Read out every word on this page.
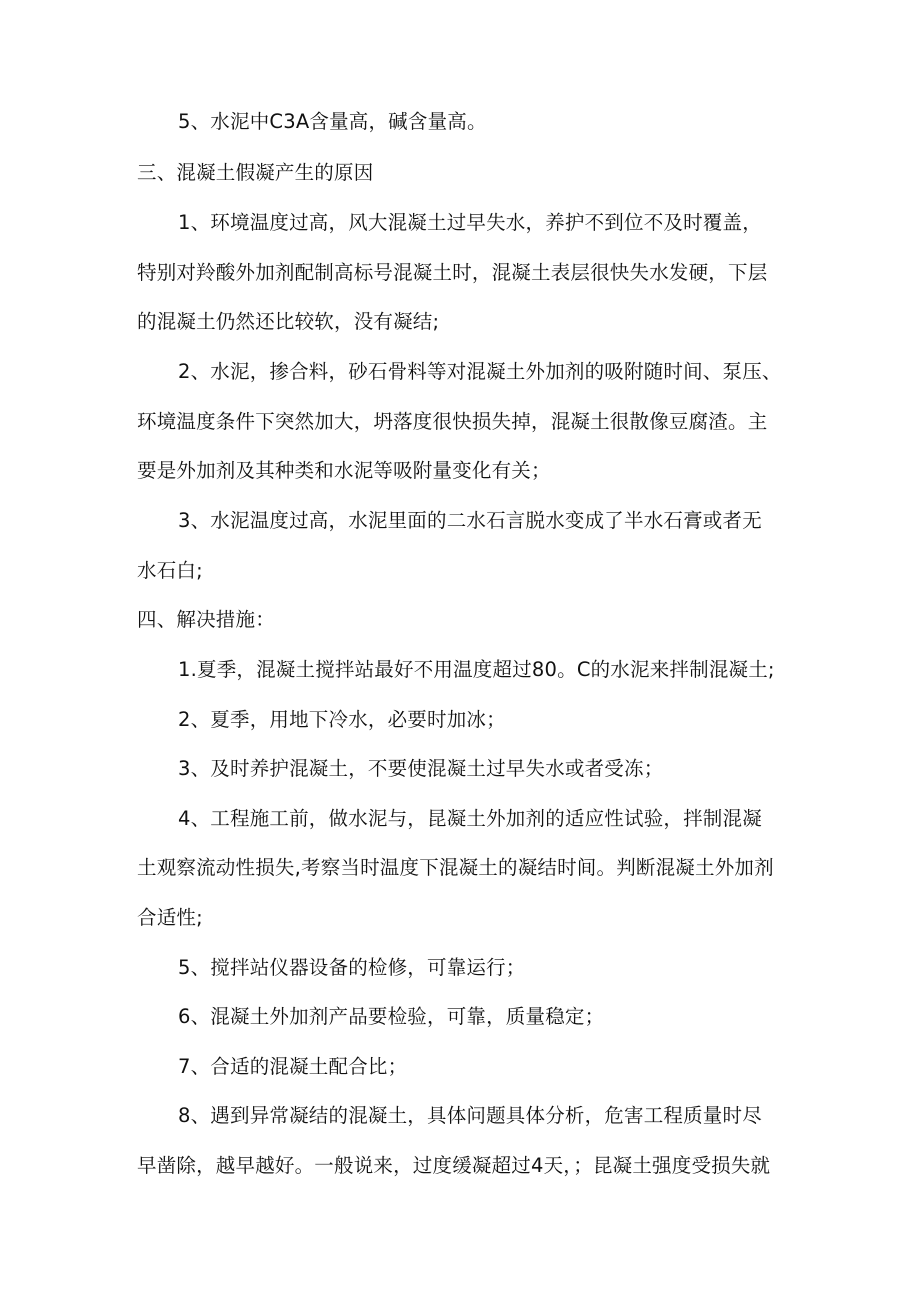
5、水泥中C3A含量高，碱含量高。
三、混凝土假凝产生的原因
1、环境温度过高，风大混凝土过早失水，养护不到位不及时覆盖，
特别对羚酸外加剂配制高标号混凝土时，混凝土表层很快失水发硬，下层
的混凝土仍然还比较软，没有凝结;
2、水泥，掺合料，砂石骨料等对混凝土外加剂的吸附随时间、泵压、
环境温度条件下突然加大，坍落度很快损失掉，混凝土很散像豆腐渣。主
要是外加剂及其种类和水泥等吸附量变化有关；
3、水泥温度过高，水泥里面的二水石言脱水变成了半水石膏或者无
水石白;
四、解决措施：
1.夏季，混凝土搅拌站最好不用温度超过80。C的水泥来拌制混凝土;
2、夏季，用地下冷水，必要时加冰；
3、及时养护混凝土，不要使混凝土过早失水或者受冻；
4、工程施工前，做水泥与，昆凝土外加剂的适应性试验，拌制混凝
土观察流动性损失,考察当时温度下混凝土的凝结时间。判断混凝土外加剂
合适性;
5、搅拌站仪器设备的检修，可靠运行；
6、混凝土外加剂产品要检验，可靠，质量稳定；
7、合适的混凝土配合比；
8、遇到异常凝结的混凝土，具体问题具体分析，危害工程质量时尽
早凿除，越早越好。一般说来，过度缓凝超过4天，；昆凝土强度受损失就
